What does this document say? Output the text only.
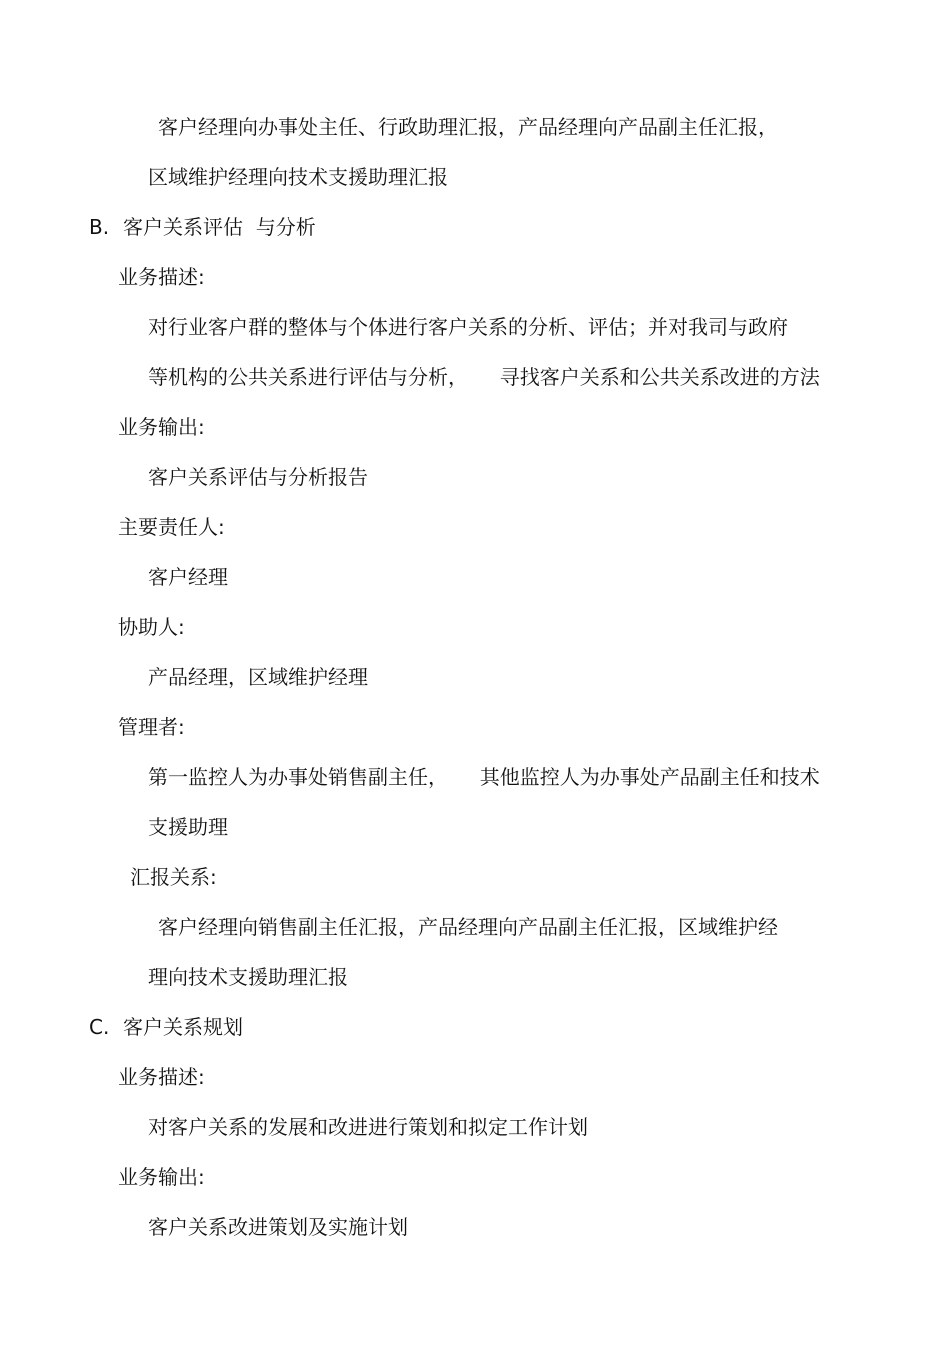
客户经理向办事处主任、行政助理汇报，产品经理向产品副主任汇报，

区域维护经理向技术支援助理汇报

B. 客户关系评估  与分析

业务描述:

对行业客户群的整体与个体进行客户关系的分析、评估；并对我司与政府

等机构的公共关系进行评估与分析，     寻找客户关系和公共关系改进的方法

业务输出:

客户关系评估与分析报告

主要责任人:

客户经理

协助人:

产品经理，区域维护经理

管理者:

第一监控人为办事处销售副主任，     其他监控人为办事处产品副主任和技术

支援助理

汇报关系:

客户经理向销售副主任汇报，产品经理向产品副主任汇报，区域维护经

理向技术支援助理汇报

C. 客户关系规划

业务描述:

对客户关系的发展和改进进行策划和拟定工作计划

业务输出:

客户关系改进策划及实施计划
